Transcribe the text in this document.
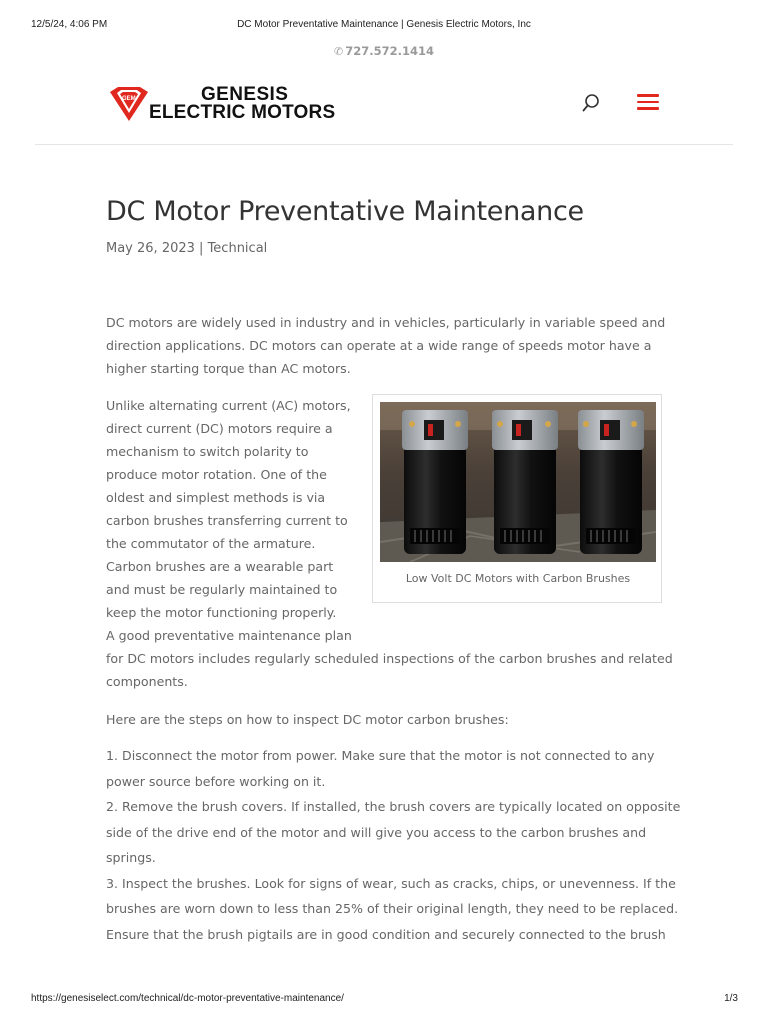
12/5/24, 4:06 PM	DC Motor Preventative Maintenance | Genesis Electric Motors, Inc
✆ 727.572.1414
GEM	GENESIS
ELECTRIC MOTORS
DC Motor Preventative Maintenance
May 26, 2023 | Technical
DC motors are widely used in industry and in vehicles, particularly in variable speed and
direction applications. DC motors can operate at a wide range of speeds motor have a
higher starting torque than AC motors.
Unlike alternating current (AC) motors,
direct current (DC) motors require a
mechanism to switch polarity to
produce motor rotation. One of the
oldest and simplest methods is via
carbon brushes transferring current to
the commutator of the armature.
Carbon brushes are a wearable part
and must be regularly maintained to
keep the motor functioning properly.
A good preventative maintenance plan
for DC motors includes regularly scheduled inspections of the carbon brushes and related
components.
Low Volt DC Motors with Carbon Brushes
Here are the steps on how to inspect DC motor carbon brushes:
1. Disconnect the motor from power. Make sure that the motor is not connected to any
power source before working on it.
2. Remove the brush covers. If installed, the brush covers are typically located on opposite
side of the drive end of the motor and will give you access to the carbon brushes and
springs.
3. Inspect the brushes. Look for signs of wear, such as cracks, chips, or unevenness. If the
brushes are worn down to less than 25% of their original length, they need to be replaced.
Ensure that the brush pigtails are in good condition and securely connected to the brush
https://genesiselect.com/technical/dc-motor-preventative-maintenance/	1/3
